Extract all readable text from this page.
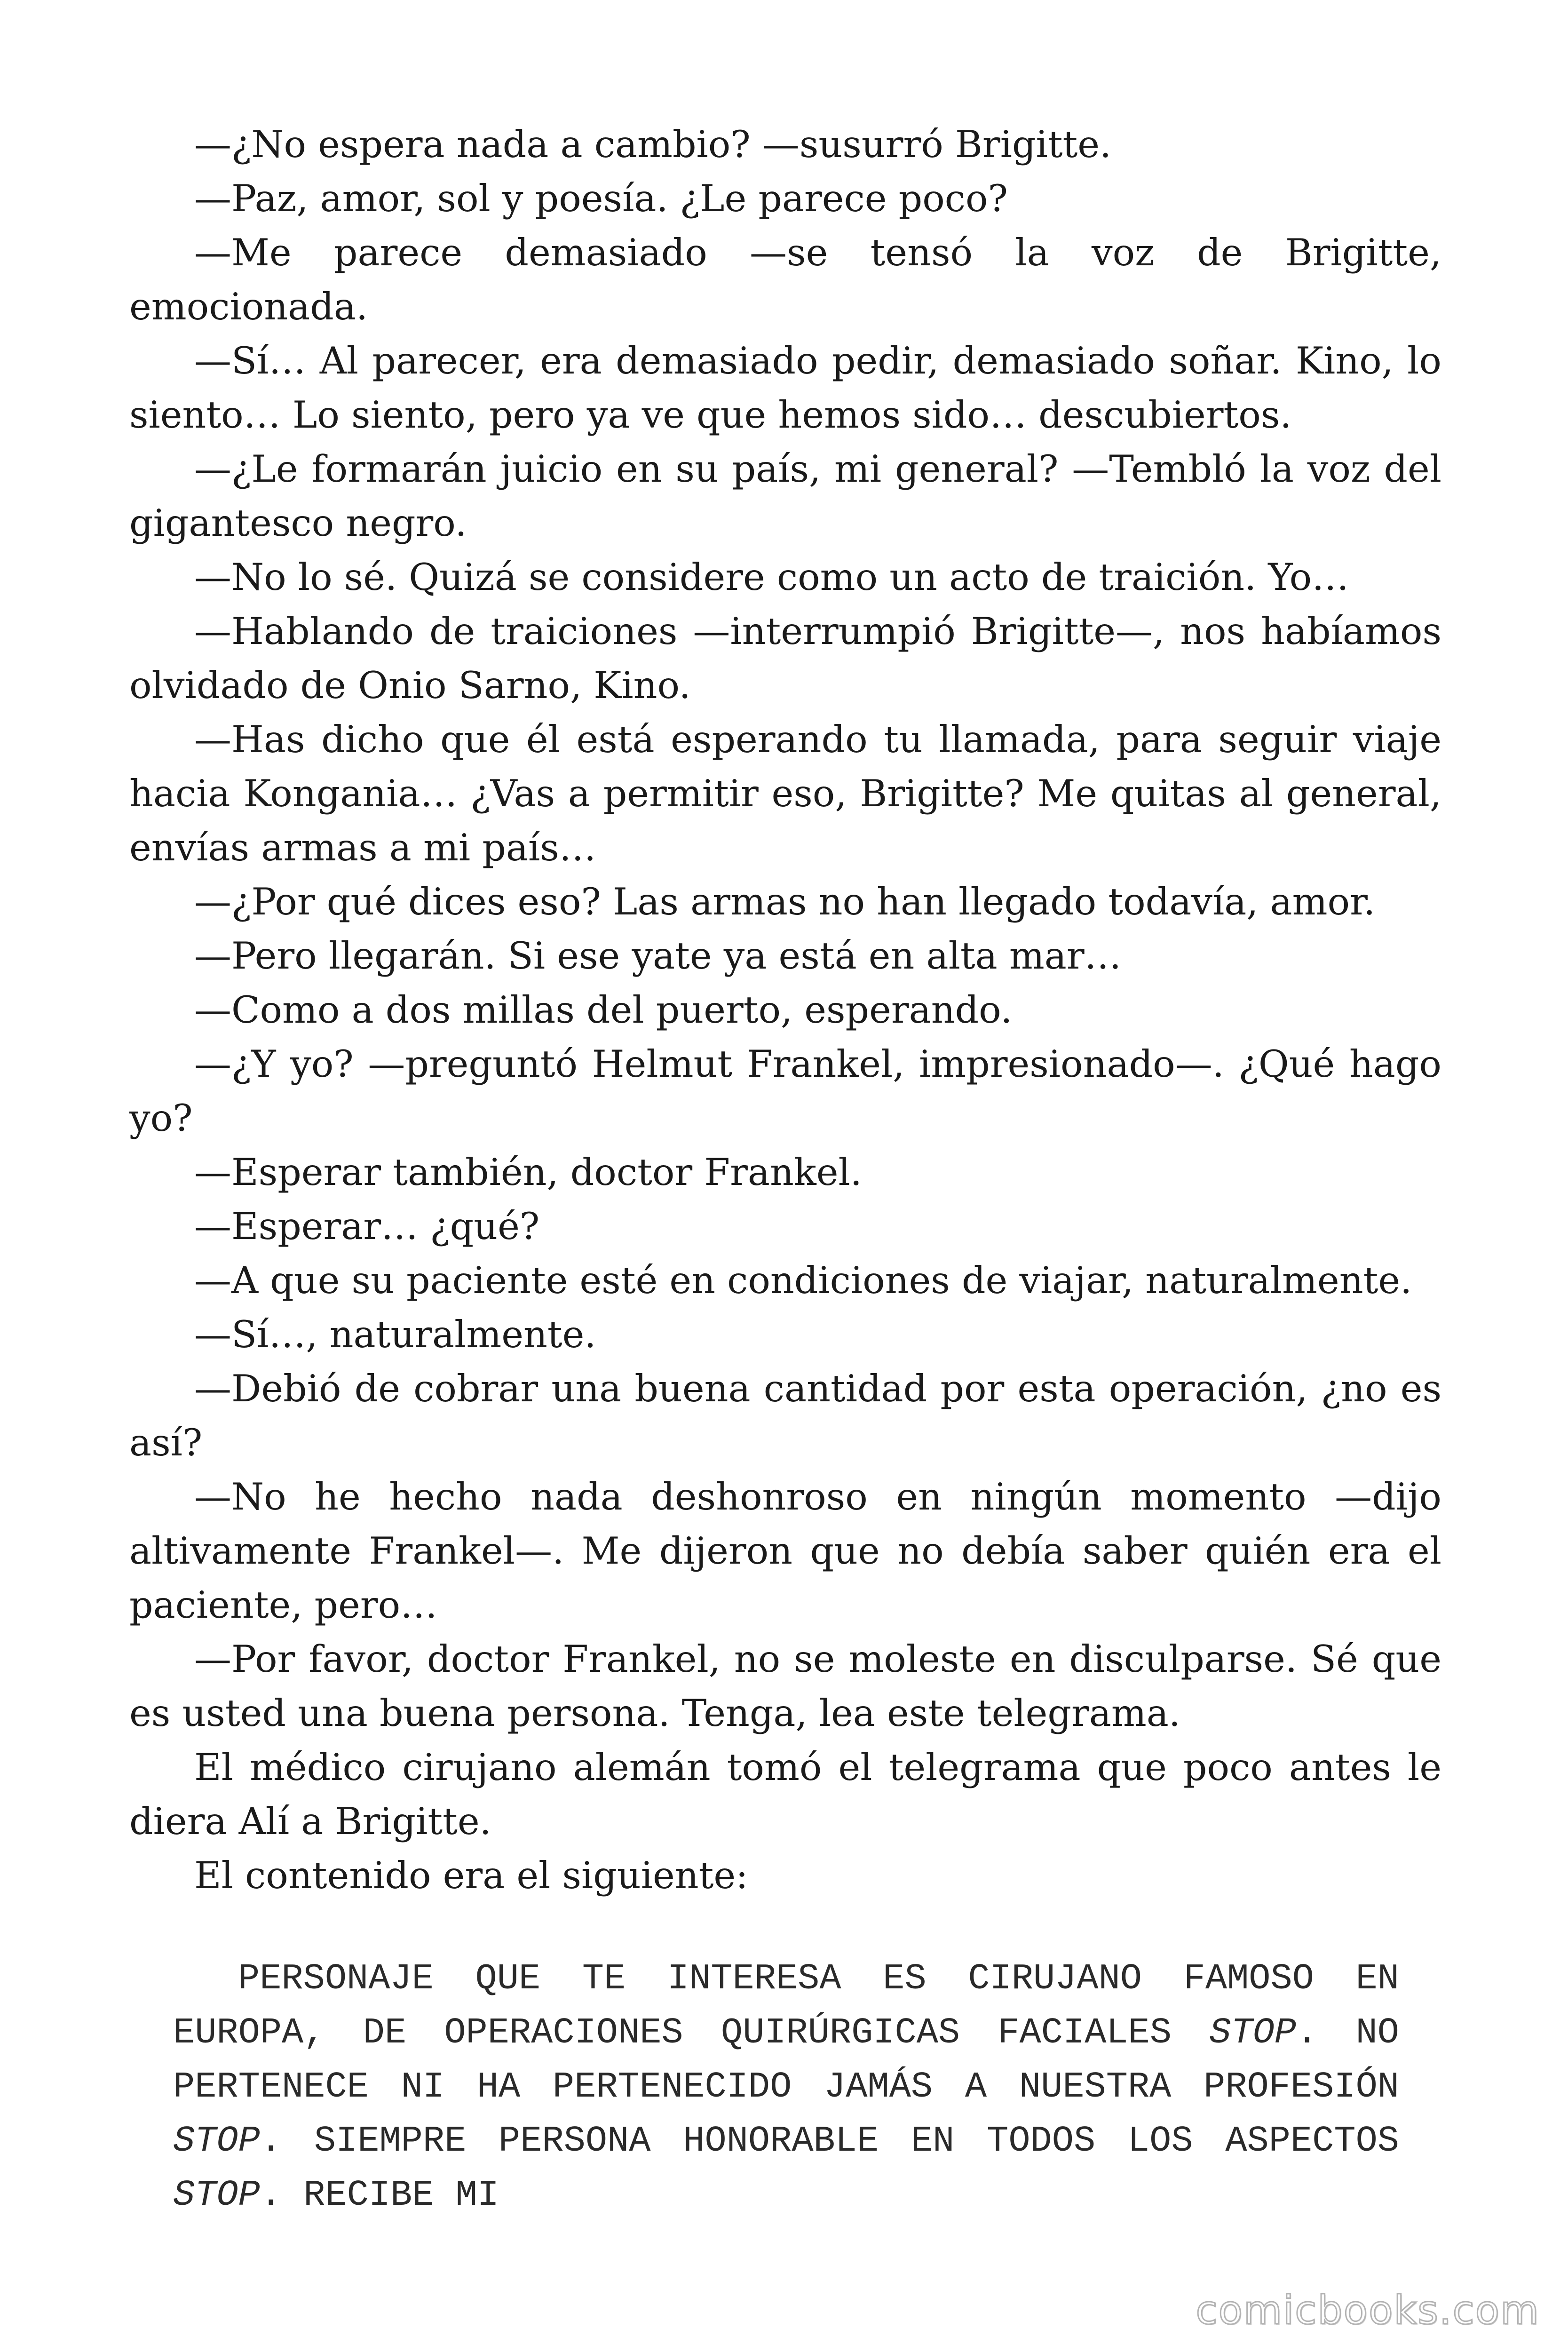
—¿No espera nada a cambio? —susurró Brigitte.

—Paz, amor, sol y poesía. ¿Le parece poco?

—Me parece demasiado —se tensó la voz de Brigitte, emocionada.

—Sí… Al parecer, era demasiado pedir, demasiado soñar. Kino, lo siento… Lo siento, pero ya ve que hemos sido… descubiertos.

—¿Le formarán juicio en su país, mi general? —Tembló la voz del gigantesco negro.

—No lo sé. Quizá se considere como un acto de traición. Yo…

—Hablando de traiciones —interrumpió Brigitte—, nos habíamos olvidado de Onio Sarno, Kino.

—Has dicho que él está esperando tu llamada, para seguir viaje hacia Kongania… ¿Vas a permitir eso, Brigitte? Me quitas al general, envías armas a mi país…

—¿Por qué dices eso? Las armas no han llegado todavía, amor.

—Pero llegarán. Si ese yate ya está en alta mar…

—Como a dos millas del puerto, esperando.

—¿Y yo? —preguntó Helmut Frankel, impresionado—. ¿Qué hago yo?

—Esperar también, doctor Frankel.

—Esperar… ¿qué?

—A que su paciente esté en condiciones de viajar, naturalmente.

—Sí…, naturalmente.

—Debió de cobrar una buena cantidad por esta operación, ¿no es así?

—No he hecho nada deshonroso en ningún momento —dijo altivamente Frankel—. Me dijeron que no debía saber quién era el paciente, pero…

—Por favor, doctor Frankel, no se moleste en disculparse. Sé que es usted una buena persona. Tenga, lea este telegrama.

El médico cirujano alemán tomó el telegrama que poco antes le diera Alí a Brigitte.

El contenido era el siguiente:

PERSONAJE QUE TE INTERESA ES CIRUJANO FAMOSO EN EUROPA, DE OPERACIONES QUIRÚRGICAS FACIALES STOP. NO PERTENECE NI HA PERTENECIDO JAMÁS A NUESTRA PROFESIÓN STOP. SIEMPRE PERSONA HONORABLE EN TODOS LOS ASPECTOS STOP. RECIBE MI
comicbooks.com
